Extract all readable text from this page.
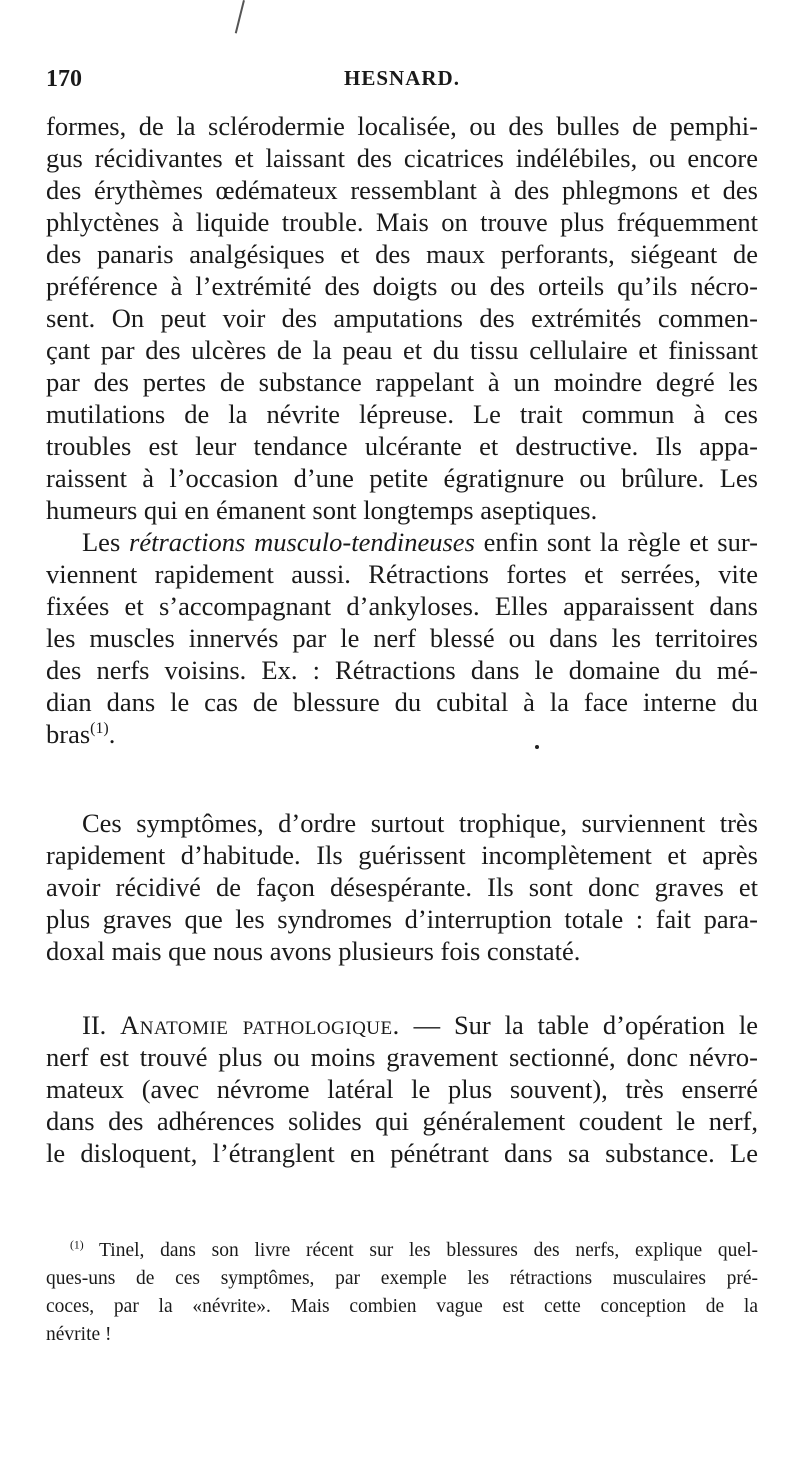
170	HESNARD.
formes, de la sclérodermie localisée, ou des bulles de pemphi-
gus récidivantes et laissant des cicatrices indélébiles, ou encore
des érythèmes œdémateux ressemblant à des phlegmons et des
phlyctènes à liquide trouble. Mais on trouve plus fréquemment
des panaris analgésiques et des maux perforants, siégeant de
préférence à l’extrémité des doigts ou des orteils qu’ils nécro-
sent. On peut voir des amputations des extrémités commen-
çant par des ulcères de la peau et du tissu cellulaire et finissant
par des pertes de substance rappelant à un moindre degré les
mutilations de la névrite lépreuse. Le trait commun à ces
troubles est leur tendance ulcérante et destructive. Ils appa-
raissent à l’occasion d’une petite égratignure ou brûlure. Les
humeurs qui en émanent sont longtemps aseptiques.
Les rétractions musculo-tendineuses enfin sont la règle et sur-
viennent rapidement aussi. Rétractions fortes et serrées, vite
fixées et s’accompagnant d’ankyloses. Elles apparaissent dans
les muscles innervés par le nerf blessé ou dans les territoires
des nerfs voisins. Ex. : Rétractions dans le domaine du mé-
dian dans le cas de blessure du cubital à la face interne du
bras$^{(1)}$.
Ces symptômes, d’ordre surtout trophique, surviennent très
rapidement d’habitude. Ils guérissent incomplètement et après
avoir récidivé de façon désespérante. Ils sont donc graves et
plus graves que les syndromes d’interruption totale : fait para-
doxal mais que nous avons plusieurs fois constaté.
II. Anatomie pathologique. — Sur la table d’opération le
nerf est trouvé plus ou moins gravement sectionné, donc névro-
mateux (avec névrome latéral le plus souvent), très enserré
dans des adhérences solides qui généralement coudent le nerf,
le disloquent, l’étranglent en pénétrant dans sa substance. Le
$^{(1)}$ Tinel, dans son livre récent sur les blessures des nerfs, explique quel-
ques-uns de ces symptômes, par exemple les rétractions musculaires pré-
coces, par la «névrite». Mais combien vague est cette conception de la
névrite !
